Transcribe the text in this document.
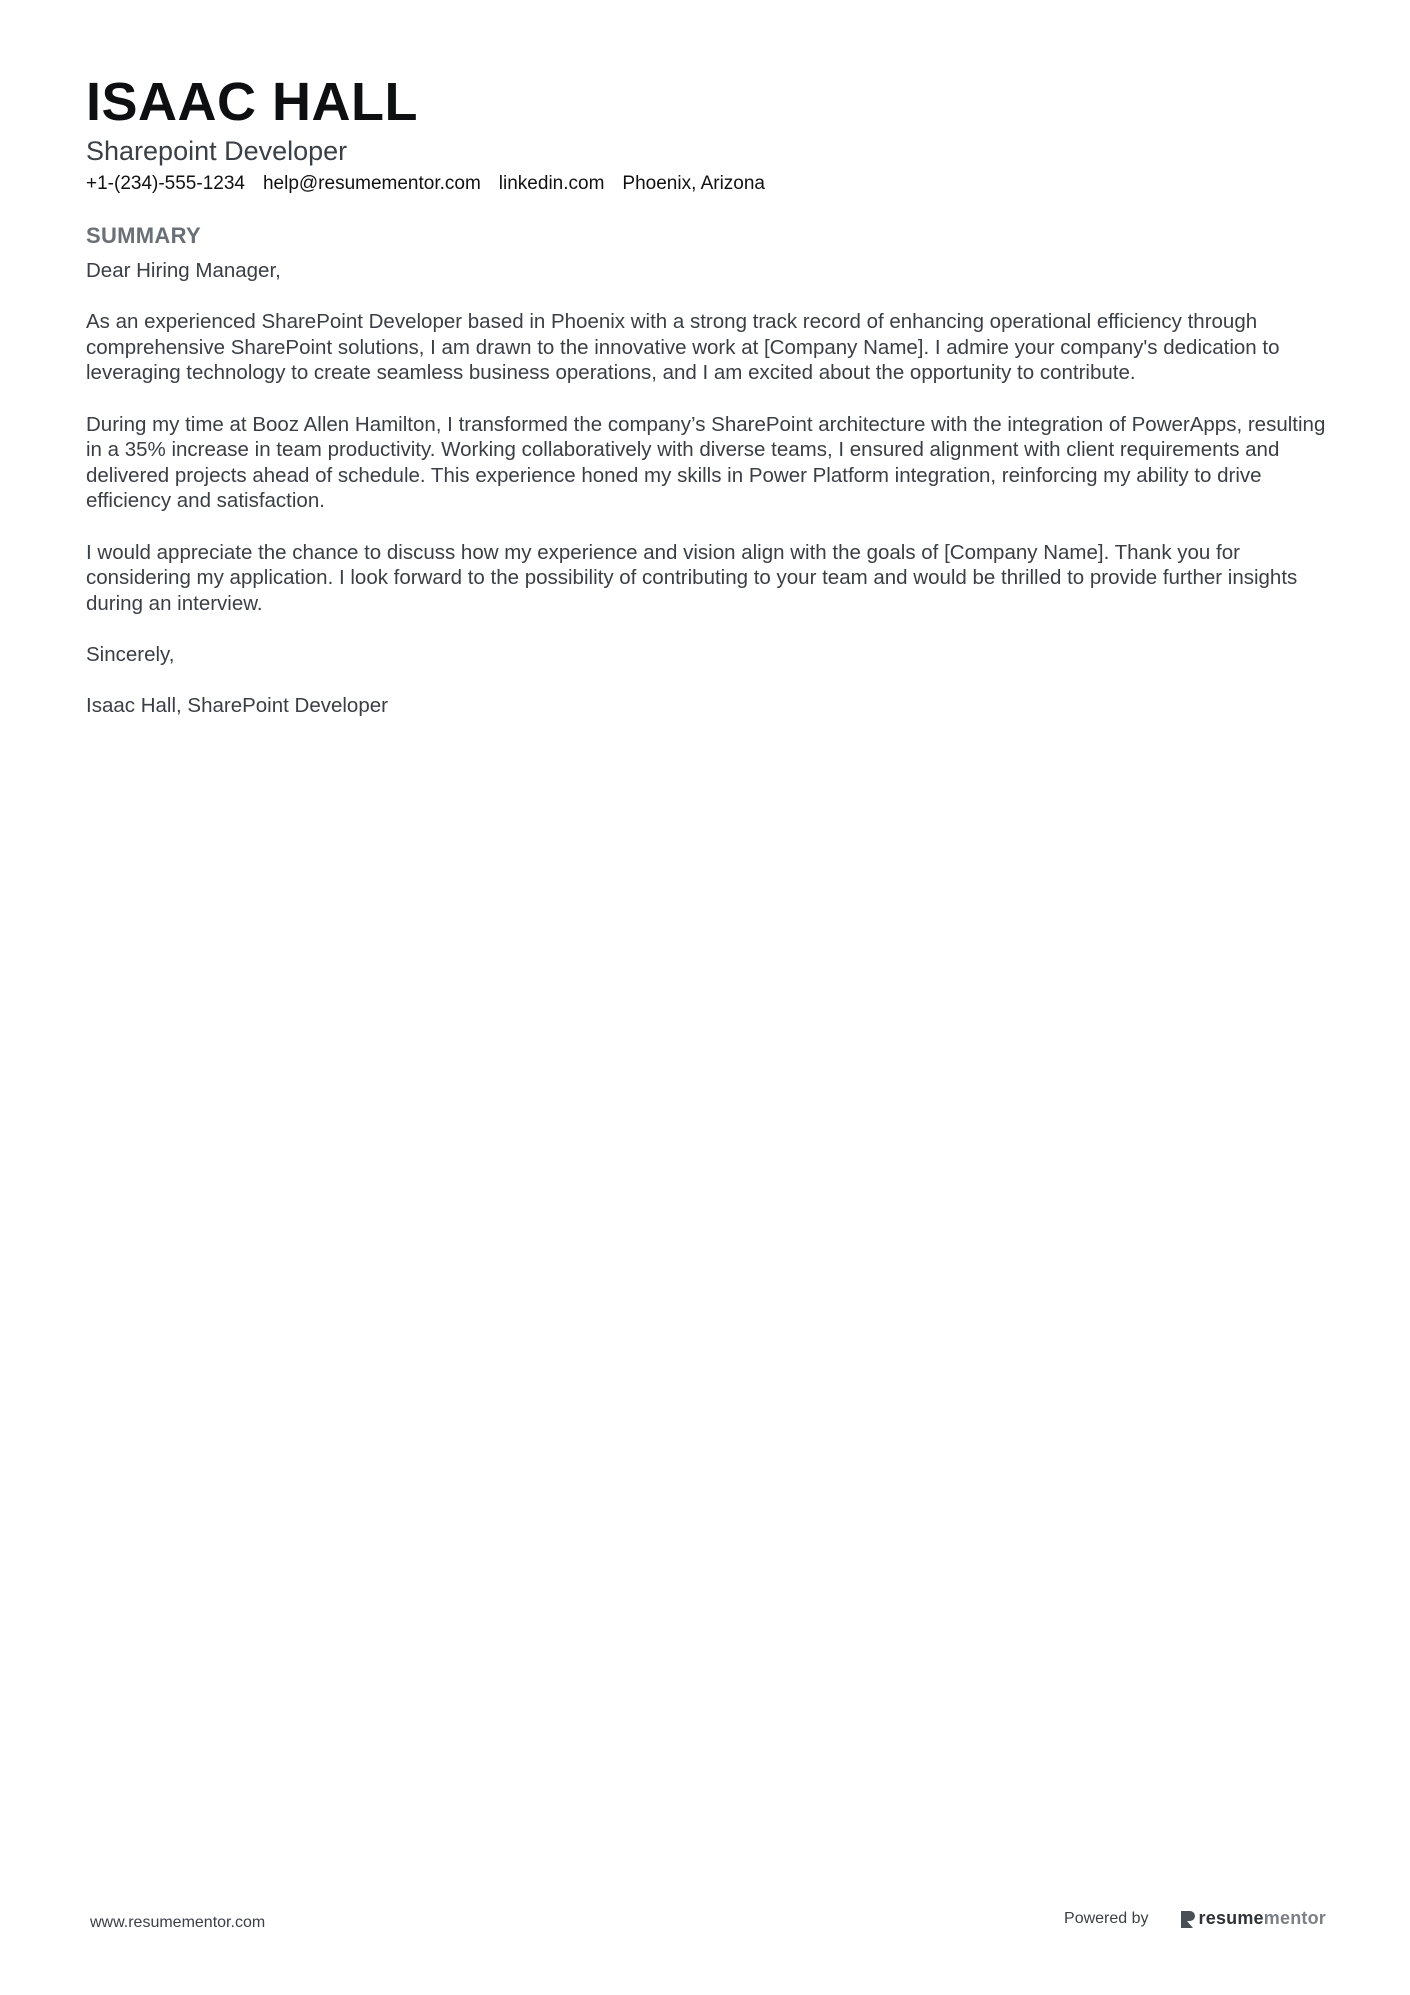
ISAAC HALL
Sharepoint Developer
+1-(234)-555-1234 help@resumementor.com linkedin.com Phoenix, Arizona
SUMMARY

Dear Hiring Manager,

As an experienced SharePoint Developer based in Phoenix with a strong track record of enhancing operational efficiency through comprehensive SharePoint solutions, I am drawn to the innovative work at [Company Name]. I admire your company's dedication to leveraging technology to create seamless business operations, and I am excited about the opportunity to contribute.

During my time at Booz Allen Hamilton, I transformed the company’s SharePoint architecture with the integration of PowerApps, resulting in a 35% increase in team productivity. Working collaboratively with diverse teams, I ensured alignment with client requirements and delivered projects ahead of schedule. This experience honed my skills in Power Platform integration, reinforcing my ability to drive efficiency and satisfaction.

I would appreciate the chance to discuss how my experience and vision align with the goals of [Company Name]. Thank you for considering my application. I look forward to the possibility of contributing to your team and would be thrilled to provide further insights during an interview.

Sincerely,

Isaac Hall, SharePoint Developer

www.resumementor.com	Powered by	resumementor
